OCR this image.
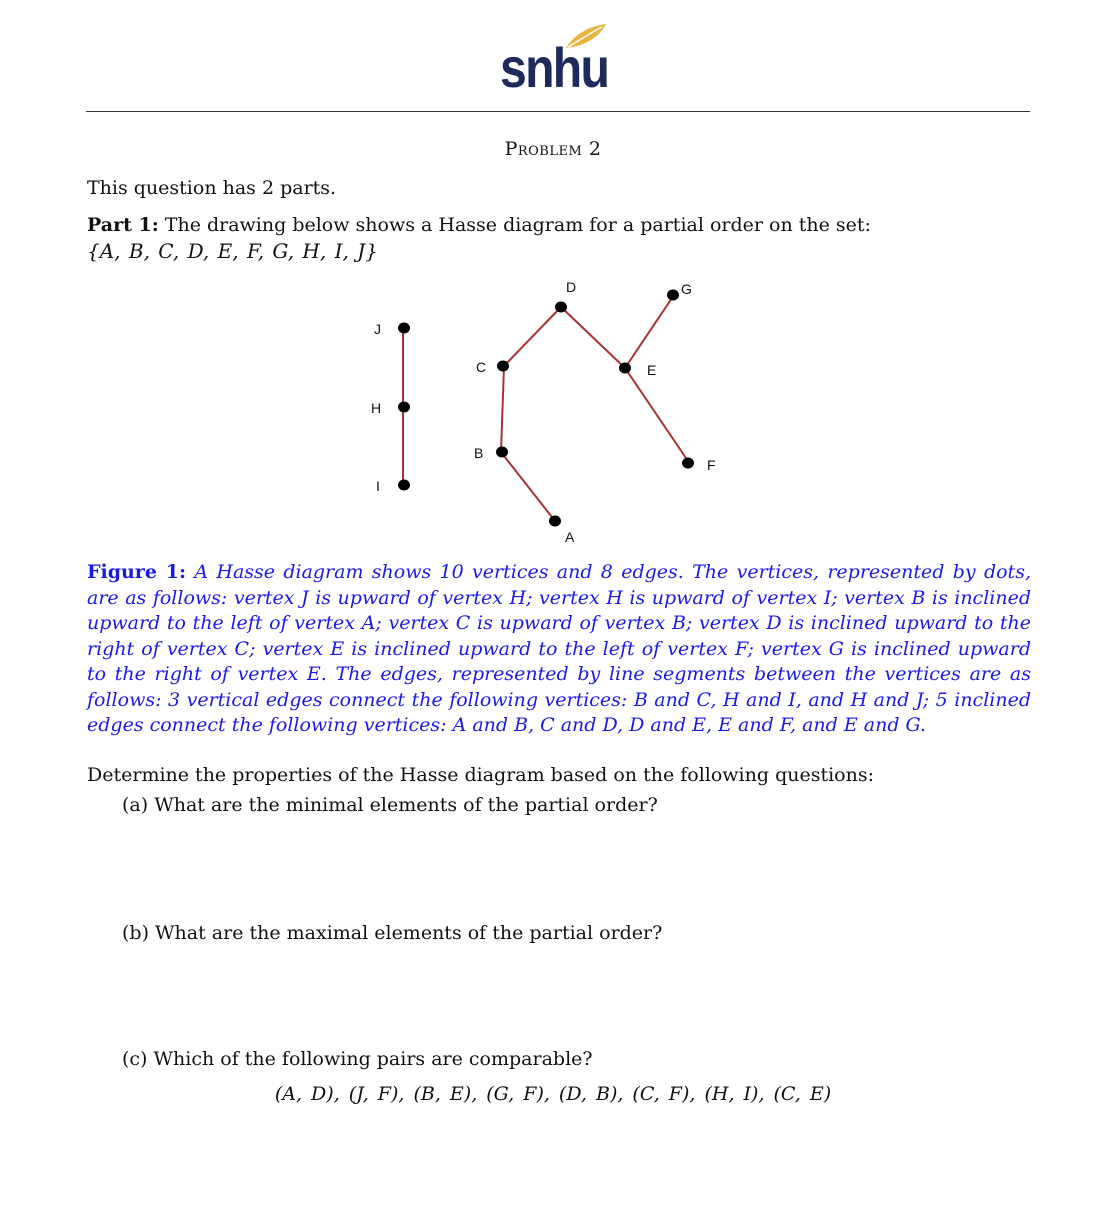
snhu
Problem 2
This question has 2 parts.
Part 1: The drawing below shows a Hasse diagram for a partial order on the set:
{A, B, C, D, E, F, G, H, I, J}
J
H
I
C
B
A
D
E
F
G
Figure 1: A Hasse diagram shows 10 vertices and 8 edges. The vertices, represented by dots, are as follows: vertex J is upward of vertex H; vertex H is upward of vertex I; vertex B is inclined upward to the left of vertex A; vertex C is upward of vertex B; vertex D is inclined upward to the right of vertex C; vertex E is inclined upward to the left of vertex F; vertex G is inclined upward to the right of vertex E. The edges, represented by line segments between the vertices are as follows: 3 vertical edges connect the following vertices: B and C, H and I, and H and J; 5 inclined edges connect the following vertices: A and B, C and D, D and E, E and F, and E and G.
Determine the properties of the Hasse diagram based on the following questions:
(a) What are the minimal elements of the partial order?
(b) What are the maximal elements of the partial order?
(c) Which of the following pairs are comparable?
(A, D), (J, F), (B, E), (G, F), (D, B), (C, F), (H, I), (C, E)
